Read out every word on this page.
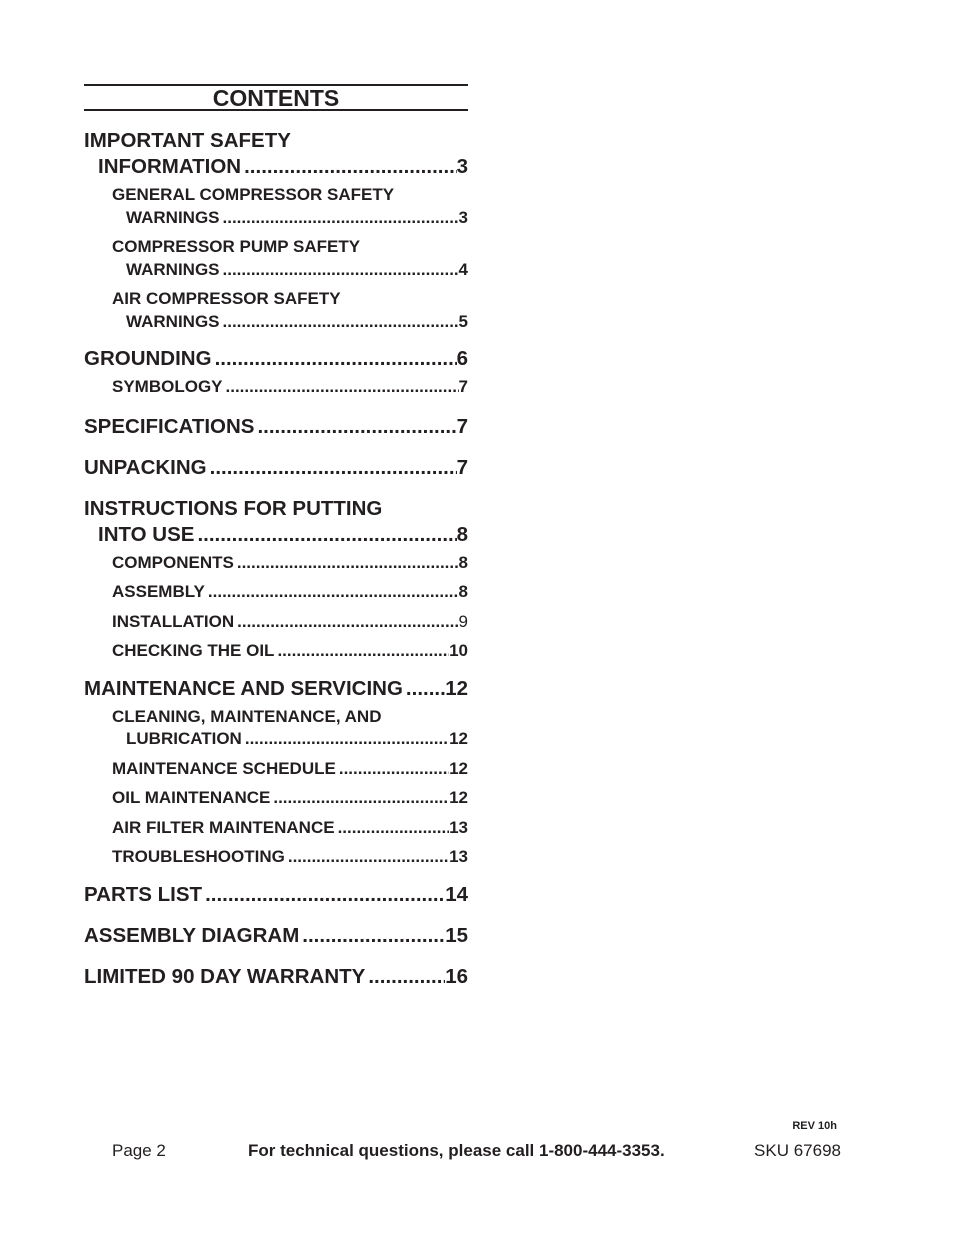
CONTENTS
IMPORTANT SAFETY
INFORMATION .....	3
GENERAL COMPRESSOR SAFETY
WARNINGS .....	3
COMPRESSOR PUMP SAFETY
WARNINGS .....	4
AIR COMPRESSOR SAFETY
WARNINGS .....	5
GROUNDING .....	6
SYMBOLOGY .....	7
SPECIFICATIONS .....	7
UNPACKING .....	7
INSTRUCTIONS FOR PUTTING
INTO USE .....	8
COMPONENTS .....	8
ASSEMBLY .....	8
INSTALLATION .....	9
CHECKING THE OIL .....	10
MAINTENANCE AND SERVICING ..... 12
CLEANING, MAINTENANCE, AND
LUBRICATION .....	12
MAINTENANCE SCHEDULE .....	12
OIL MAINTENANCE .....	12
AIR FILTER MAINTENANCE .....	13
TROUBLESHOOTING .....	13
PARTS LIST .....	14
ASSEMBLY DIAGRAM .....	15
LIMITED 90 DAY WARRANTY .....	16
REV 10h
Page 2	For technical questions, please call 1-800-444-3353.	SKU 67698
